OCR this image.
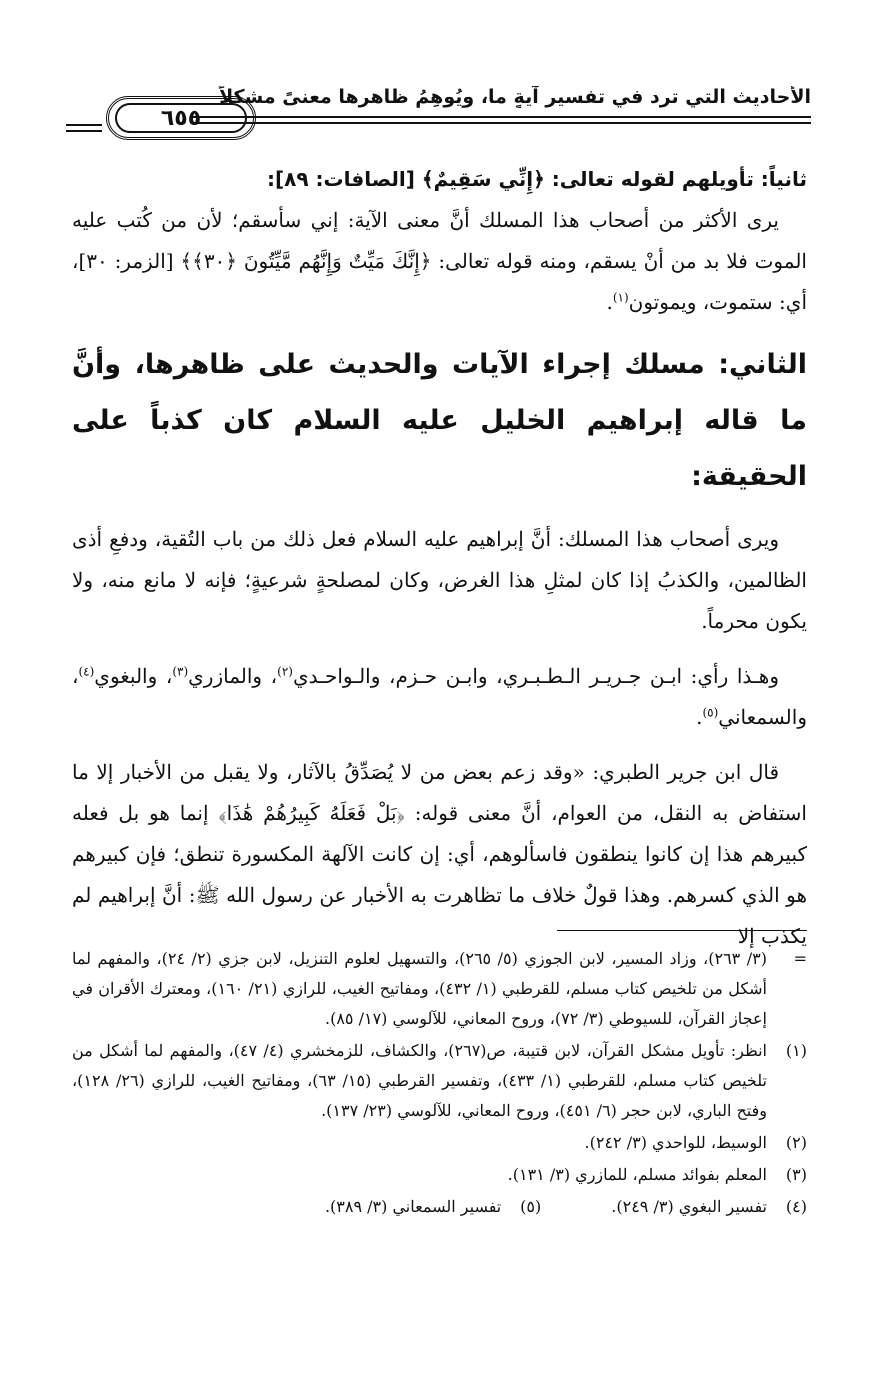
الأحاديث التي ترد في تفسير آيةٍ ما، ويُوهِمُ ظاهرها معنىً مشكلاً
٦٥٥
ثانياً: تأويلهم لقوله تعالى: ﴿إِنِّي سَقِيمٌ﴾ [الصافات: ٨٩]:

يرى الأكثر من أصحاب هذا المسلك أنَّ معنى الآية: إني سأسقم؛ لأن من كُتب عليه الموت فلا بد من أنْ يسقم، ومنه قوله تعالى: ﴿إِنَّكَ مَيِّتٌ وَإِنَّهُم مَّيِّتُونَ ﴿٣٠﴾﴾ [الزمر: ٣٠]، أي: ستموت، ويموتون$^{(١)}$.

الثاني: مسلك إجراء الآيات والحديث على ظاهرها، وأنَّ ما قاله إبراهيم الخليل عليه السلام كان كذباً على الحقيقة:

ويرى أصحاب هذا المسلك: أنَّ إبراهيم عليه السلام فعل ذلك من باب التُقية، ودفعِ أذى الظالمين، والكذبُ إذا كان لمثلِ هذا الغرض، وكان لمصلحةٍ شرعيةٍ؛ فإنه لا مانع منه، ولا يكون محرماً.

وهـذا رأي: ابـن جـريـر الـطـبـري، وابـن حـزم، والـواحـدي$^{(٢)}$، والمازري$^{(٣)}$، والبغوي$^{(٤)}$، والسمعاني$^{(٥)}$.

قال ابن جرير الطبري: «وقد زعم بعض من لا يُصَدِّقُ بالآثار، ولا يقبل من الأخبار إلا ما استفاض به النقل، من العوام، أنَّ معنى قوله: ﴿بَلْ فَعَلَهُ كَبِيرُهُمْ هَٰذَا﴾ إنما هو بل فعله كبيرهم هذا إن كانوا ينطقون فاسألوهم، أي: إن كانت الآلهة المكسورة تنطق؛ فإن كبيرهم هو الذي كسرهم. وهذا قولٌ خلاف ما تظاهرت به الأخبار عن رسول الله ﷺ: أنَّ إبراهيم لم يكذب إلا

=
(٣/ ٢٦٣)، وزاد المسير، لابن الجوزي (٥/ ٢٦٥)، والتسهيل لعلوم التنزيل، لابن جزي (٢/ ٢٤)، والمفهم لما أشكل من تلخيص كتاب مسلم، للقرطبي (١/ ٤٣٢)، ومفاتيح الغيب، للرازي (٢١/ ١٦٠)، ومعترك الأقران في إعجاز القرآن، للسيوطي (٣/ ٧٢)، وروح المعاني، للآلوسي (١٧/ ٨٥).
(١)
انظر: تأويل مشكل القرآن، لابن قتيبة، ص(٢٦٧)، والكشاف، للزمخشري (٤/ ٤٧)، والمفهم لما أشكل من تلخيص كتاب مسلم، للقرطبي (١/ ٤٣٣)، وتفسير القرطبي (١٥/ ٦٣)، ومفاتيح الغيب، للرازي (٢٦/ ١٢٨)، وفتح الباري، لابن حجر (٦/ ٤٥١)، وروح المعاني، للآلوسي (٢٣/ ١٣٧).
(٢)
الوسيط، للواحدي (٣/ ٢٤٢).
(٣)
المعلم بفوائد مسلم، للمازري (٣/ ١٣١).
(٤)
تفسير البغوي (٣/ ٢٤٩).
(٥)
تفسير السمعاني (٣/ ٣٨٩).
